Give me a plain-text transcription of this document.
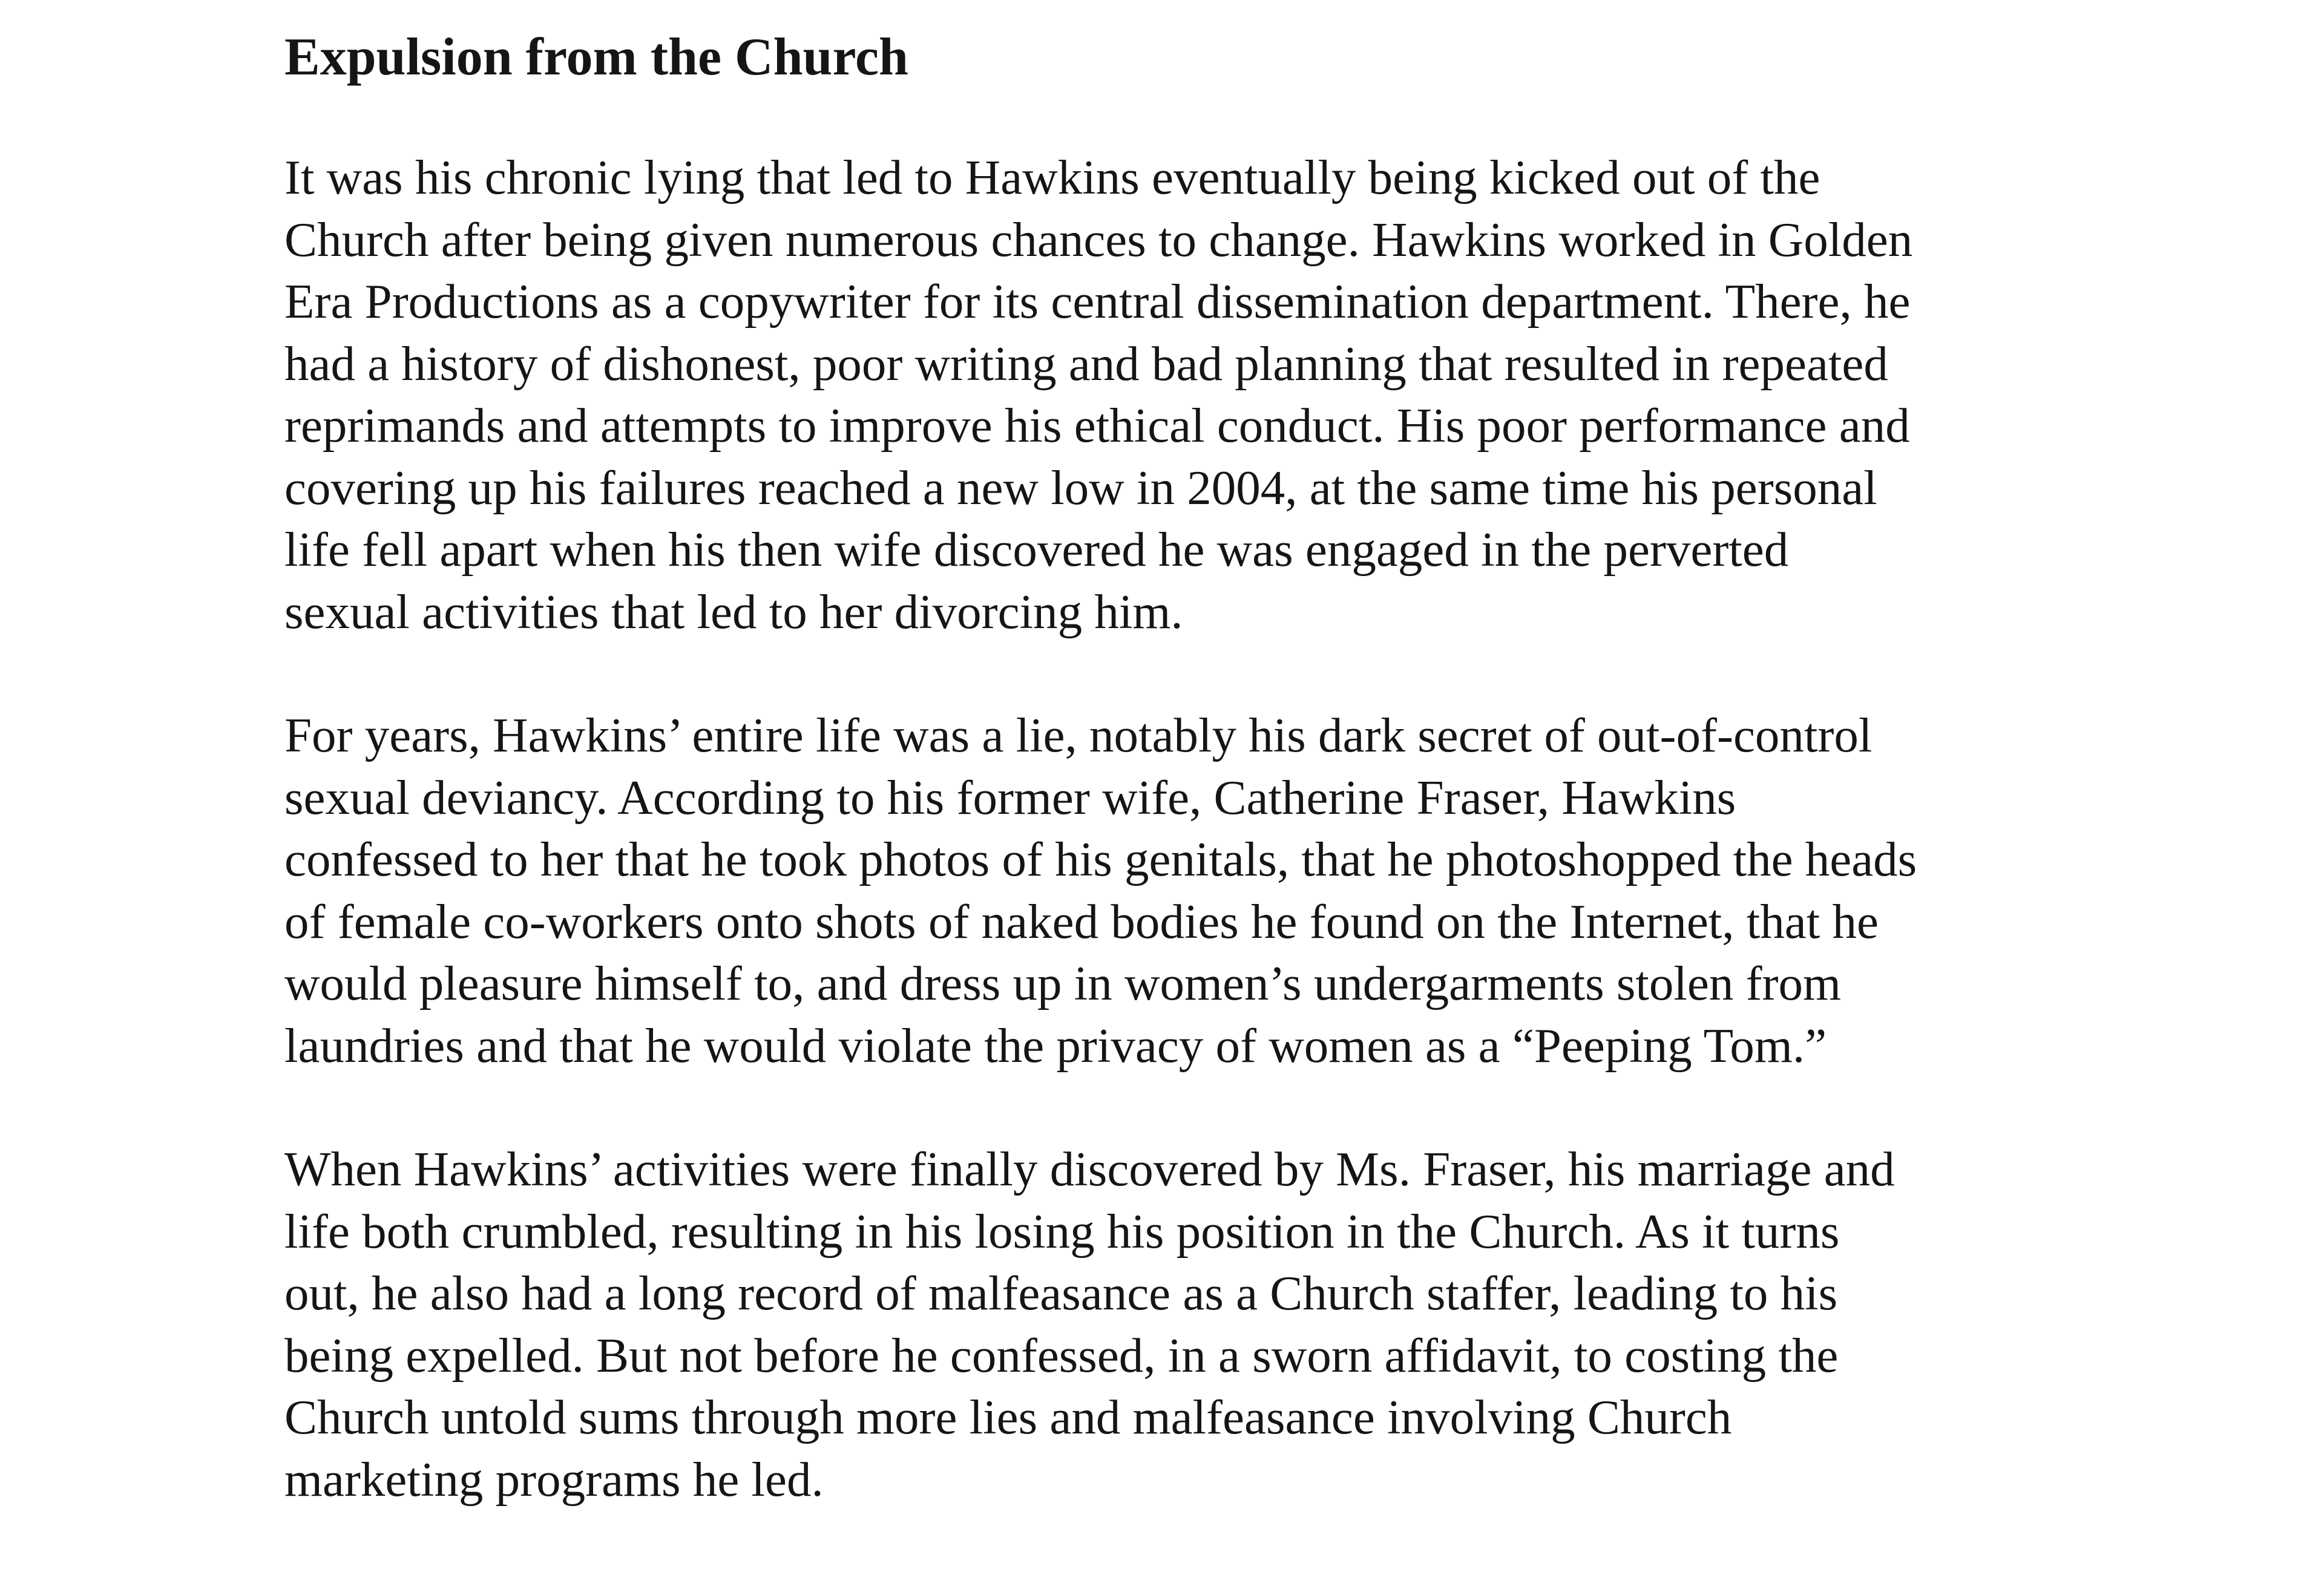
Expulsion from the Church
It was his chronic lying that led to Hawkins eventually being kicked out of the
Church after being given numerous chances to change. Hawkins worked in Golden
Era Productions as a copywriter for its central dissemination department. There, he
had a history of dishonest, poor writing and bad planning that resulted in repeated
reprimands and attempts to improve his ethical conduct. His poor performance and
covering up his failures reached a new low in 2004, at the same time his personal
life fell apart when his then wife discovered he was engaged in the perverted
sexual activities that led to her divorcing him.
For years, Hawkins’ entire life was a lie, notably his dark secret of out-of-control
sexual deviancy. According to his former wife, Catherine Fraser, Hawkins
confessed to her that he took photos of his genitals, that he photoshopped the heads
of female co-workers onto shots of naked bodies he found on the Internet, that he
would pleasure himself to, and dress up in women’s undergarments stolen from
laundries and that he would violate the privacy of women as a “Peeping Tom.”
When Hawkins’ activities were finally discovered by Ms. Fraser, his marriage and
life both crumbled, resulting in his losing his position in the Church. As it turns
out, he also had a long record of malfeasance as a Church staffer, leading to his
being expelled. But not before he confessed, in a sworn affidavit, to costing the
Church untold sums through more lies and malfeasance involving Church
marketing programs he led.
